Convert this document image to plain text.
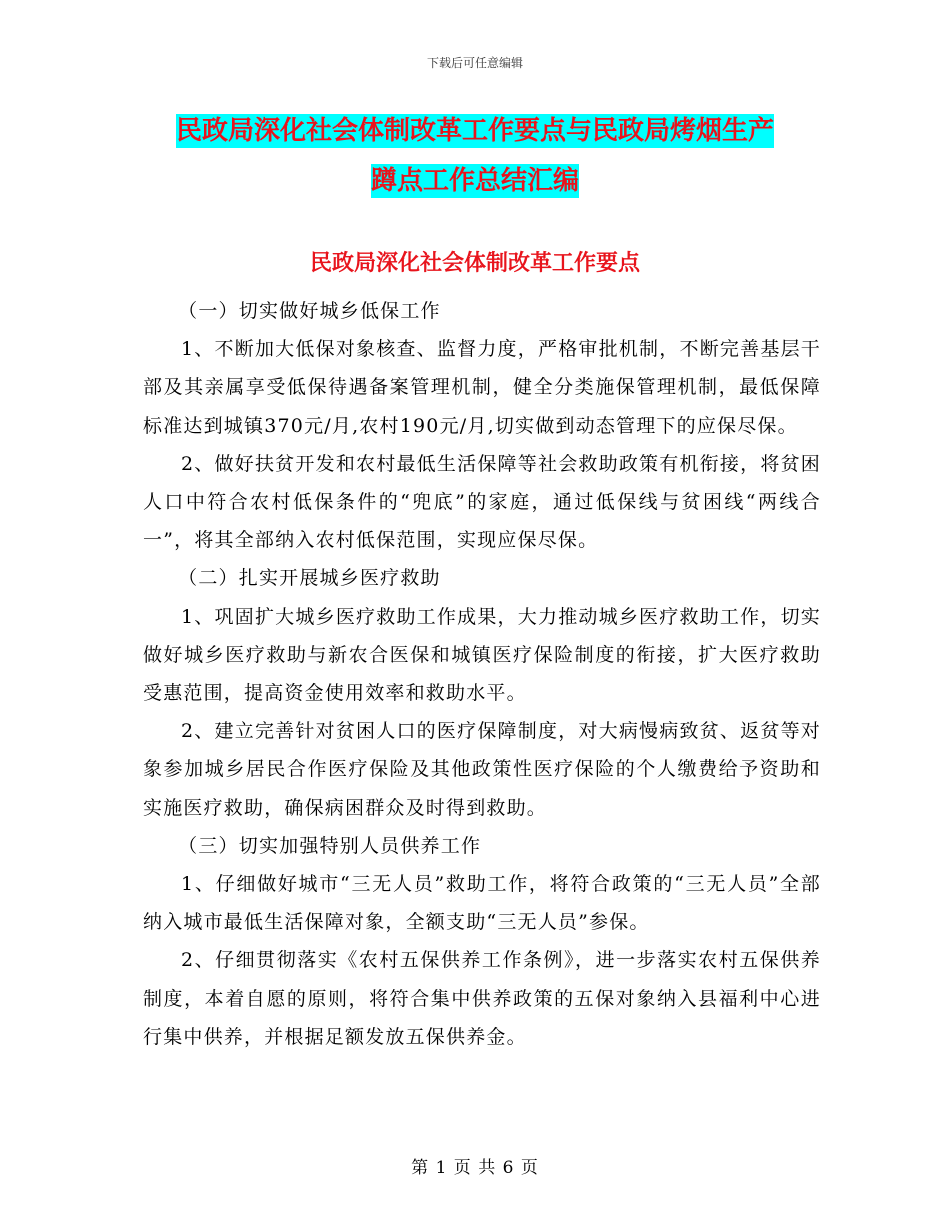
下载后可任意编辑
民政局深化社会体制改革工作要点与民政局烤烟生产
蹲点工作总结汇编
民政局深化社会体制改革工作要点

（一）切实做好城乡低保工作

1、不断加大低保对象核查、监督力度，严格审批机制，不断完善基层干部及其亲属享受低保待遇备案管理机制，健全分类施保管理机制，最低保障标准达到城镇370元/月,农村190元/月,切实做到动态管理下的应保尽保。

2、做好扶贫开发和农村最低生活保障等社会救助政策有机衔接，将贫困人口中符合农村低保条件的“兜底”的家庭，通过低保线与贫困线“两线合一”，将其全部纳入农村低保范围，实现应保尽保。

（二）扎实开展城乡医疗救助

1、巩固扩大城乡医疗救助工作成果，大力推动城乡医疗救助工作，切实做好城乡医疗救助与新农合医保和城镇医疗保险制度的衔接，扩大医疗救助受惠范围，提高资金使用效率和救助水平。

2、建立完善针对贫困人口的医疗保障制度，对大病慢病致贫、返贫等对象参加城乡居民合作医疗保险及其他政策性医疗保险的个人缴费给予资助和实施医疗救助，确保病困群众及时得到救助。

（三）切实加强特别人员供养工作

1、仔细做好城市“三无人员”救助工作，将符合政策的“三无人员”全部纳入城市最低生活保障对象，全额支助“三无人员”参保。

2、仔细贯彻落实《农村五保供养工作条例》，进一步落实农村五保供养制度，本着自愿的原则，将符合集中供养政策的五保对象纳入县福利中心进行集中供养，并根据足额发放五保供养金。

第 1 页 共 6 页
